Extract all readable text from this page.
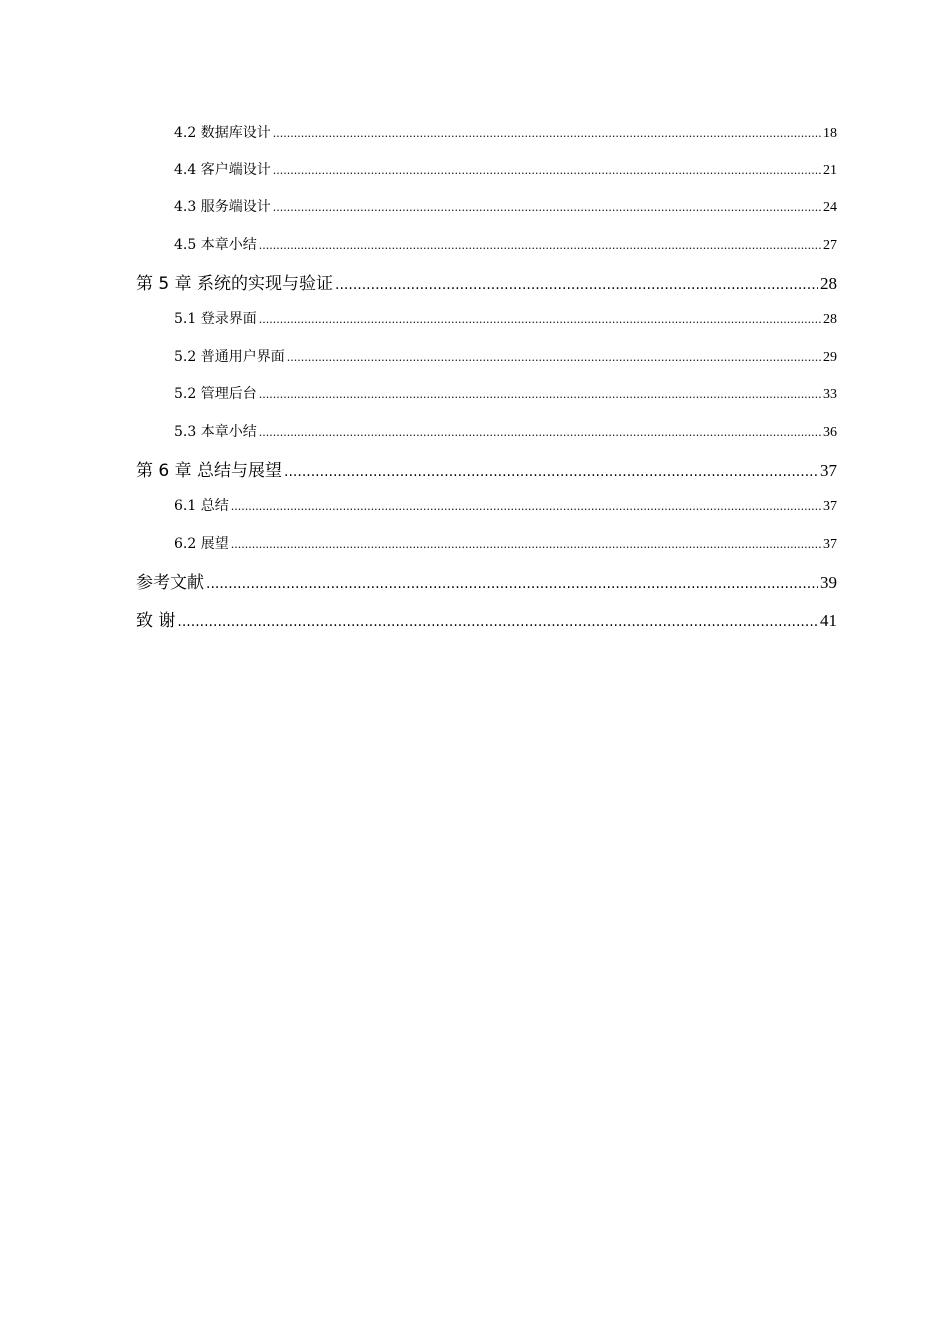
4.2 数据库设计 .....	18
4.4 客户端设计 .....	21
4.3 服务端设计 .....	24
4.5 本章小结 .....	27
第 5 章 系统的实现与验证 .....	28
5.1 登录界面 .....	28
5.2 普通用户界面 .....	29
5.2 管理后台 .....	33
5.3 本章小结 .....	36
第 6 章 总结与展望 .....	37
6.1 总结 .....	37
6.2 展望 .....	37
参考文献 .....	39
致 谢 .....	41
